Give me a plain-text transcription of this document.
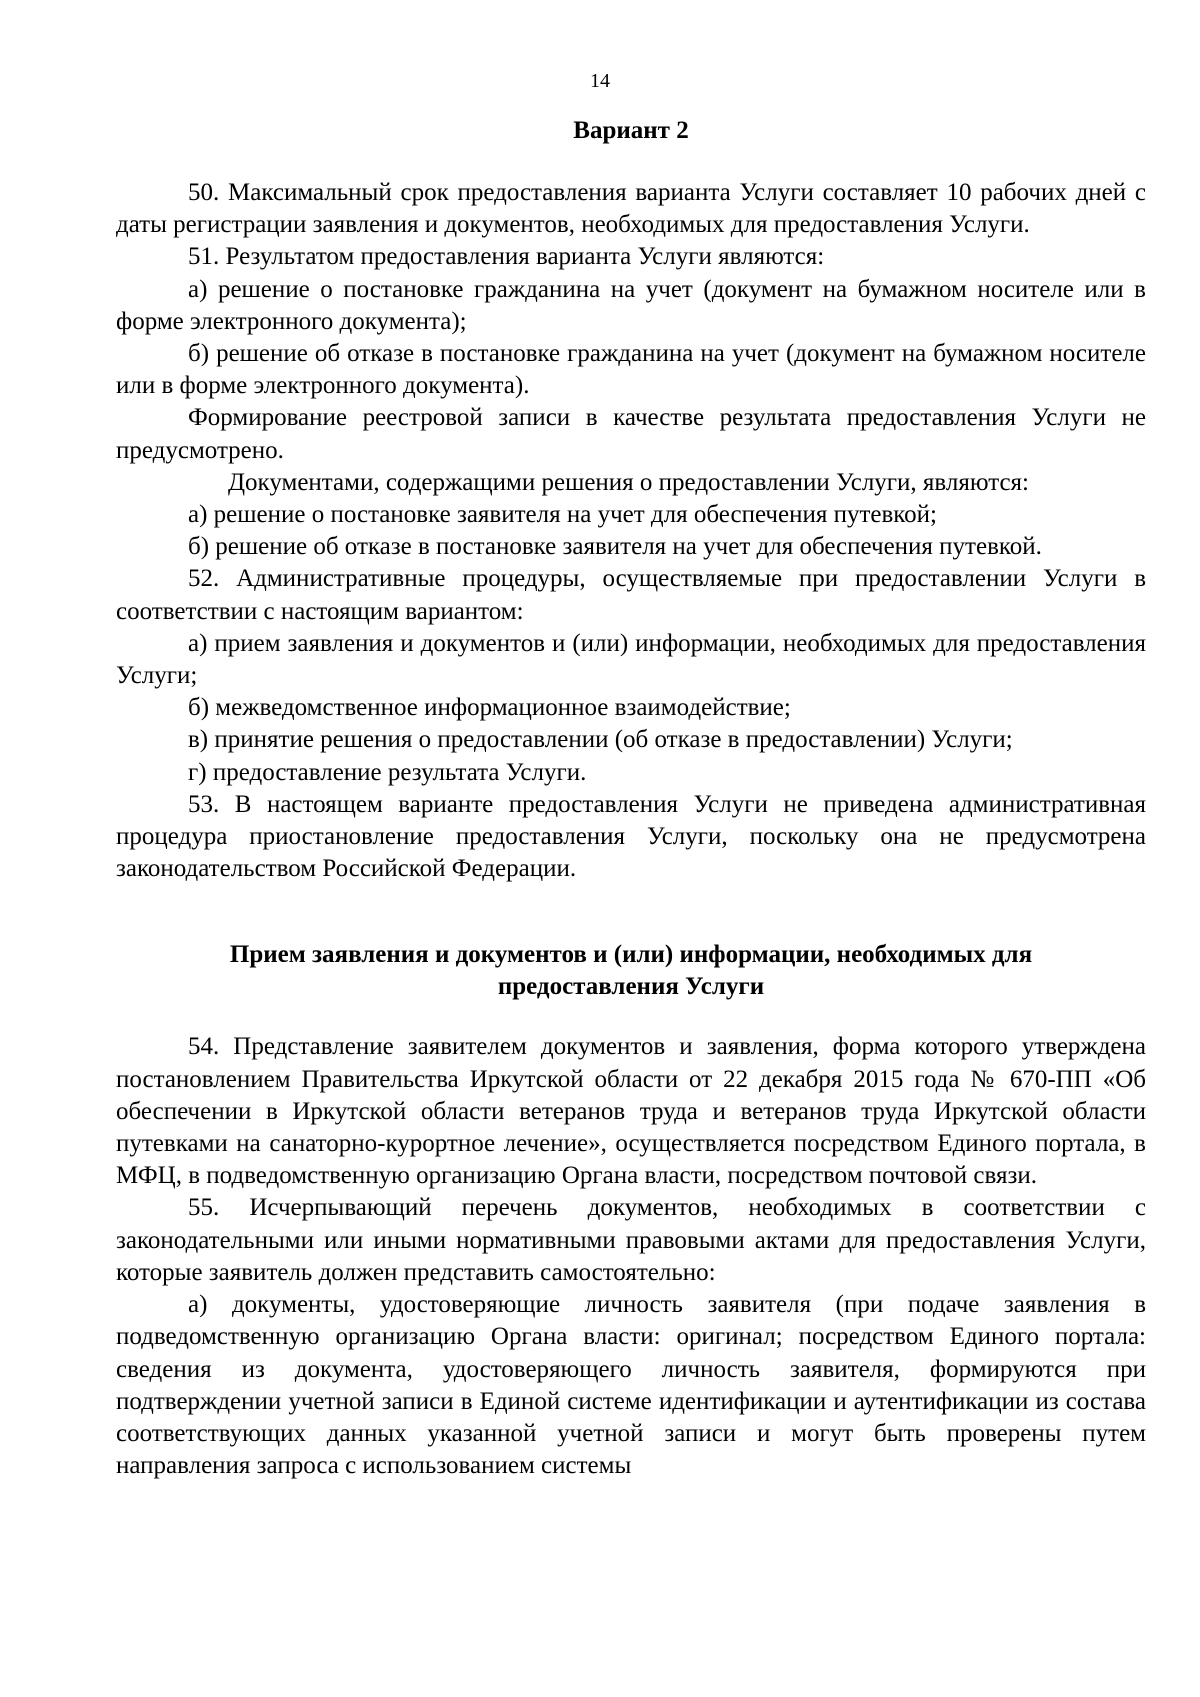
14

Вариант 2

50. Максимальный срок предоставления варианта Услуги составляет 10 рабочих дней с даты регистрации заявления и документов, необходимых для предоставления Услуги.

51. Результатом предоставления варианта Услуги являются:

а) решение о постановке гражданина на учет (документ на бумажном носителе или в форме электронного документа);

б) решение об отказе в постановке гражданина на учет (документ на бумажном носителе или в форме электронного документа).

Формирование реестровой записи в качестве результата предоставления Услуги не предусмотрено.

Документами, содержащими решения о предоставлении Услуги, являются:

а) решение о постановке заявителя на учет для обеспечения путевкой;

б) решение об отказе в постановке заявителя на учет для обеспечения путевкой.

52. Административные процедуры, осуществляемые при предоставлении Услуги в соответствии с настоящим вариантом:

а) прием заявления и документов и (или) информации, необходимых для предоставления Услуги;

б) межведомственное информационное взаимодействие;

в) принятие решения о предоставлении (об отказе в предоставлении) Услуги;

г) предоставление результата Услуги.

53. В настоящем варианте предоставления Услуги не приведена административная процедура приостановление предоставления Услуги, поскольку она не предусмотрена законодательством Российской Федерации.

Прием заявления и документов и (или) информации, необходимых для
предоставления Услуги

54. Представление заявителем документов и заявления, форма которого утверждена постановлением Правительства Иркутской области от 22 декабря 2015 года № 670-ПП «Об обеспечении в Иркутской области ветеранов труда и ветеранов труда Иркутской области путевками на санаторно-курортное лечение», осуществляется посредством Единого портала, в МФЦ, в подведомственную организацию Органа власти, посредством почтовой связи.

55. Исчерпывающий перечень документов, необходимых в соответствии с законодательными или иными нормативными правовыми актами для предоставления Услуги, которые заявитель должен представить самостоятельно:

а) документы, удостоверяющие личность заявителя (при подаче заявления в подведомственную организацию Органа власти: оригинал; посредством Единого портала: сведения из документа, удостоверяющего личность заявителя, формируются при подтверждении учетной записи в Единой системе идентификации и аутентификации из состава соответствующих данных указанной учетной записи и могут быть проверены путем направления запроса с использованием системы
